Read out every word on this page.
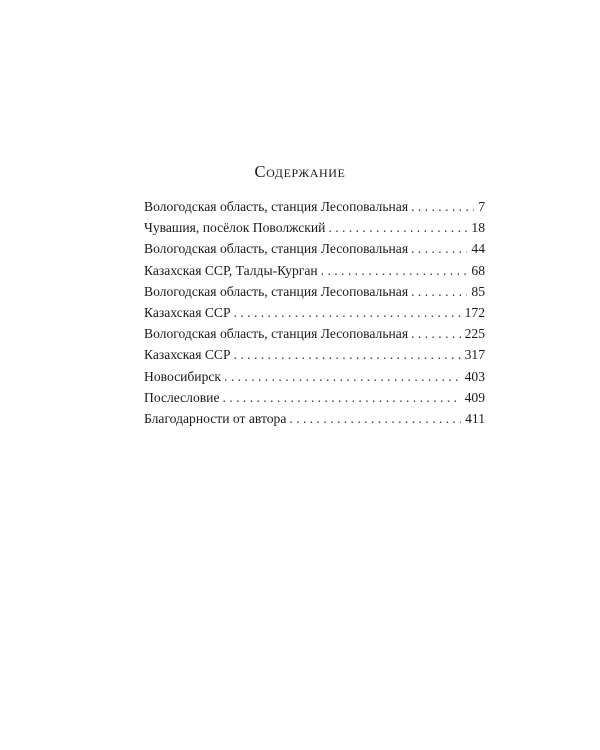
Содержание
Вологодская область, станция Лесоповальная . . .	7
Чувашия, посёлок Поволжский . . .	18
Вологодская область, станция Лесоповальная . . .	44
Казахская ССР, Талды-Курган . . .	68
Вологодская область, станция Лесоповальная . . .	85
Казахская ССР . . .	172
Вологодская область, станция Лесоповальная . . .	225
Казахская ССР . . .	317
Новосибирск . . .	403
Послесловие . . .	409
Благодарности от автора . . .	411
